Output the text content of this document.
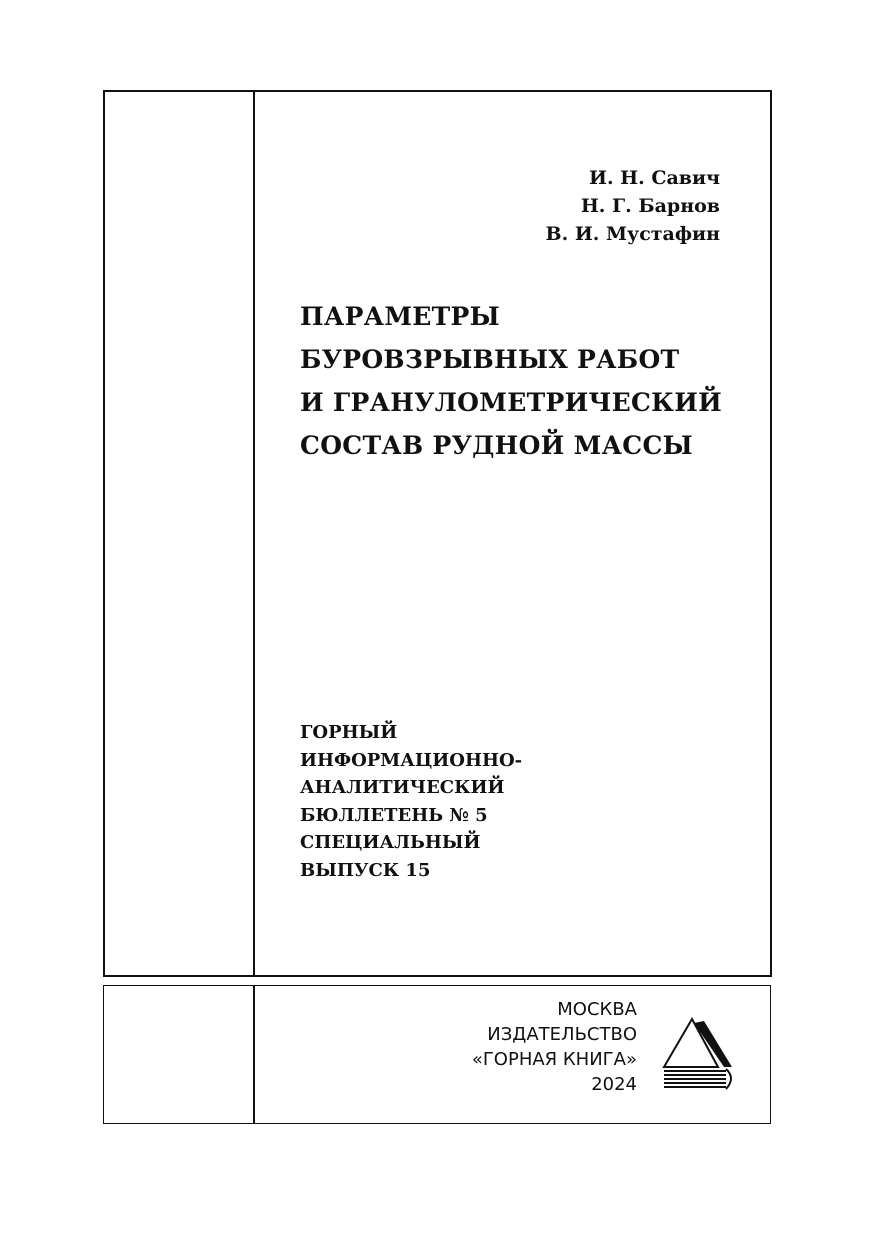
И. Н. Савич
Н. Г. Барнов
В. И. Мустафин
ПАРАМЕТРЫ
БУРОВЗРЫВНЫХ РАБОТ
И ГРАНУЛОМЕТРИЧЕСКИЙ
СОСТАВ РУДНОЙ МАССЫ
ГОРНЫЙ
ИНФОРМАЦИОННО-
АНАЛИТИЧЕСКИЙ
БЮЛЛЕТЕНЬ № 5
СПЕЦИАЛЬНЫЙ
ВЫПУСК 15
МОСКВА
ИЗДАТЕЛЬСТВО
«ГОРНАЯ КНИГА»
2024
